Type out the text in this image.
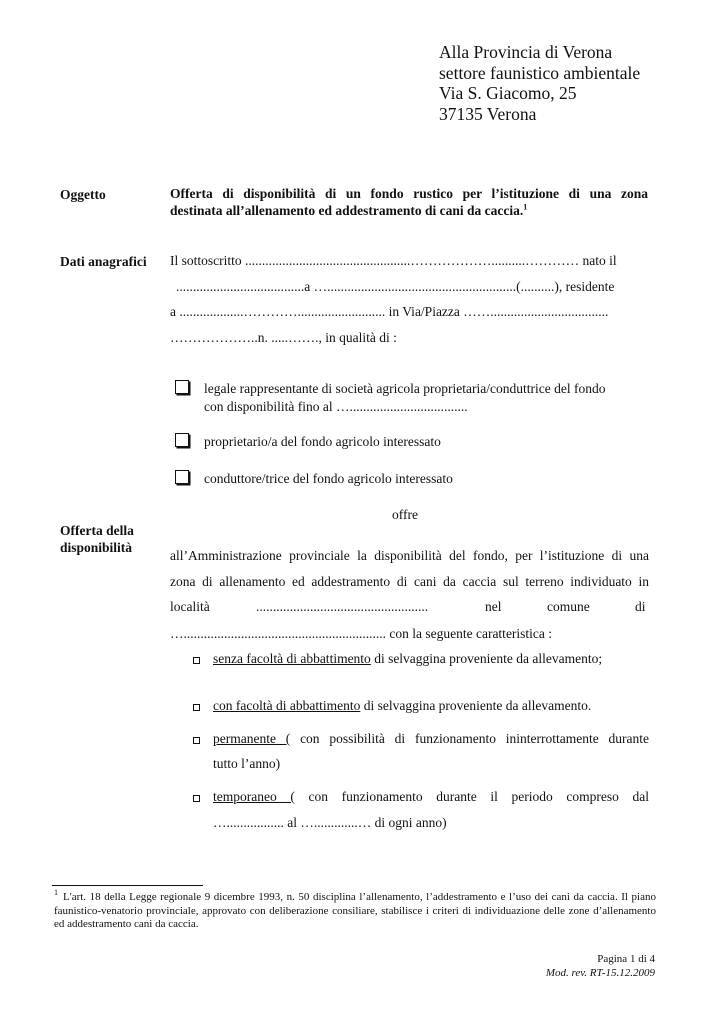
Alla Provincia di Verona
settore faunistico ambientale
Via S. Giacomo, 25
37135 Verona
Oggetto	Offerta di disponibilità di un fondo rustico per l’istituzione di una zona
destinata all’allenamento ed addestramento di cani da caccia.$^1$
Dati anagrafici Il sottoscritto .................................................………………..........………… nato il
......................................a …........................................................(..........), residente
a ...................………….......................... in Via/Piazza ……...................................
………………..n. .....……., in qualità di :
legale rappresentante di società agricola proprietaria/conduttrice del fondo
con disponibilità fino al …...................................
proprietario/a del fondo agricolo interessato
conduttore/trice del fondo agricolo interessato
offre
Offerta della
disponibilità
all’Amministrazione provinciale la disponibilità del fondo, per l’istituzione di una
zona di allenamento ed addestramento di cani da caccia sul terreno individuato in
località	...................................................	nel	comune	di
…............................................................ con la seguente caratteristica :
senza facoltà di abbattimento di selvaggina proveniente da allevamento;
con facoltà di abbattimento di selvaggina proveniente da allevamento.
permanente ( con possibilità di funzionamento ininterrottamente durante
tutto l’anno)
temporaneo ( con funzionamento durante il periodo compreso dal
…................. al ….............… di ogni anno)
$^1$ L'art. 18 della Legge regionale 9 dicembre 1993, n. 50 disciplina l’allenamento, l’addestramento e l’uso dei cani da caccia. Il piano faunistico-venatorio provinciale, approvato con deliberazione consiliare, stabilisce i criteri di individuazione delle zone d’allenamento ed addestramento cani da caccia.
Pagina 1 di 4
Mod. rev. RT-15.12.2009
